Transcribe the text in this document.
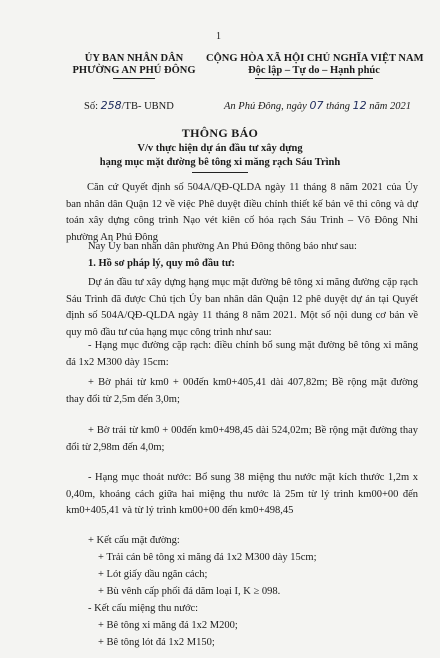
1
ỦY BAN NHÂN DÂN
PHƯỜNG AN PHÚ ĐÔNG
CỘNG HÒA XÃ HỘI CHỦ NGHĨA VIỆT NAM
Độc lập – Tự do – Hạnh phúc
Số: 258/TB- UBND	An Phú Đông, ngày 07 tháng 12 năm 2021
THÔNG BÁO
V/v thực hiện dự án đầu tư xây dựng
hạng mục mặt đường bê tông xi măng rạch Sáu Trình
Căn cứ Quyết định số 504A/QĐ-QLDA ngày 11 tháng 8 năm 2021 của Ủy ban nhân dân Quận 12 về việc Phê duyệt điều chỉnh thiết kế bản vẽ thi công và dự toán xây dựng công trình Nạo vét kiên cố hóa rạch Sáu Trình – Võ Đông Nhi phường An Phú Đông
Nay Ủy ban nhân dân phường An Phú Đông thông báo như sau:
1. Hồ sơ pháp lý, quy mô đầu tư:
Dự án đầu tư xây dựng hạng mục mặt đường bê tông xi măng đường cặp rạch Sáu Trình đã được Chủ tịch Ủy ban nhân dân Quận 12 phê duyệt dự án tại Quyết định số 504A/QĐ-QLDA ngày 11 tháng 8 năm 2021. Một số nội dung cơ bản về quy mô đầu tư của hạng mục công trình như sau:
- Hạng mục đường cặp rạch: điều chỉnh bổ sung mặt đường bê tông xi măng đá 1x2 M300 dày 15cm:
+ Bờ phải từ km0 + 00đến km0+405,41 dài 407,82m; Bề rộng mặt đường thay đổi từ 2,5m đến 3,0m;
+ Bờ trái từ km0 + 00đến km0+498,45 dài 524,02m; Bề rộng mặt đường thay đổi từ 2,98m đến 4,0m;
- Hạng mục thoát nước: Bổ sung 38 miệng thu nước mặt kích thước 1,2m x 0,40m, khoảng cách giữa hai miệng thu nước là 25m từ lý trình km00+00 đến km0+405,41 và từ lý trình km00+00 đến km0+498,45
+ Kết cấu mặt đường:
+ Trải cán bê tông xi măng đá 1x2 M300 dày 15cm;
+ Lót giấy dầu ngăn cách;
+ Bù vênh cấp phối đá dăm loại I, K ≥ 098.
- Kết cấu miệng thu nước:
+ Bê tông xi măng đá 1x2 M200;
+ Bê tông lót đá 1x2 M150;
